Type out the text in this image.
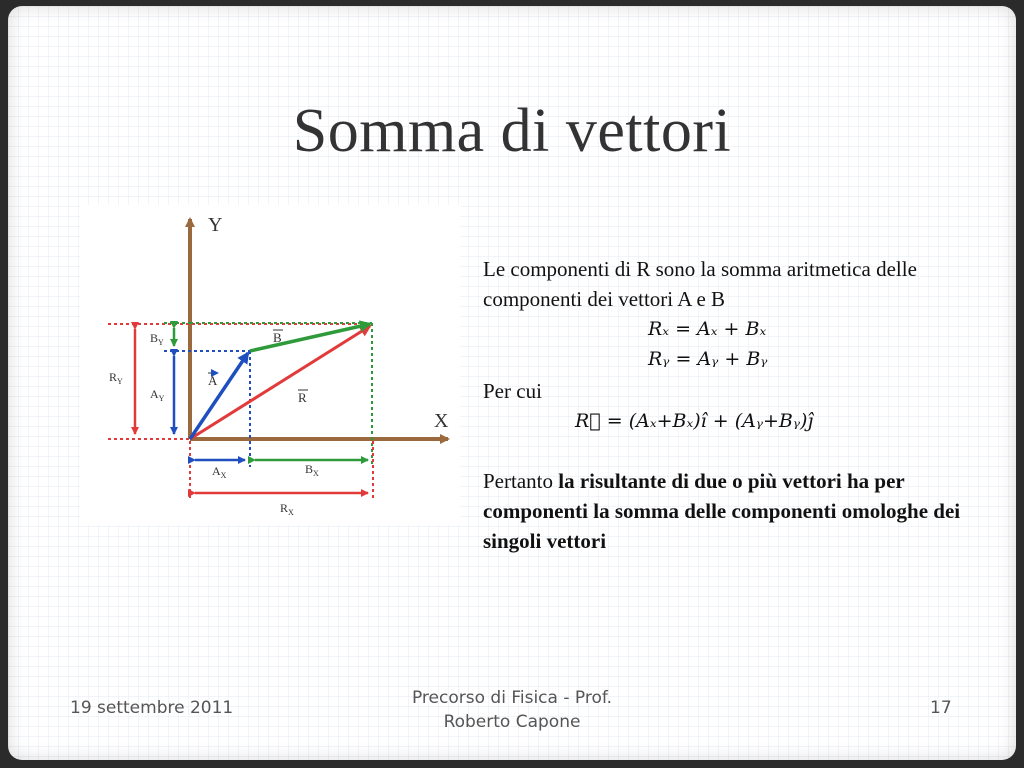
Somma di vettori
Y
X
$B_Y$
$A_Y$
$R_Y$
$A_X$	$B_X$
$R_X$
A
B
R

Le componenti di R sono la somma aritmetica delle componenti dei vettori A e B

Rₓ = Aₓ + Bₓ

Rᵧ = Aᵧ + Bᵧ

Per cui

R⃗ = (Aₓ+Bₓ)ı̂ + (Aᵧ+Bᵧ)ȷ̂

Pertanto la risultante di due o più vettori ha per componenti la somma delle componenti omologhe dei singoli vettori

19 settembre 2011	Precorso di Fisica - Prof.
Roberto Capone
17
